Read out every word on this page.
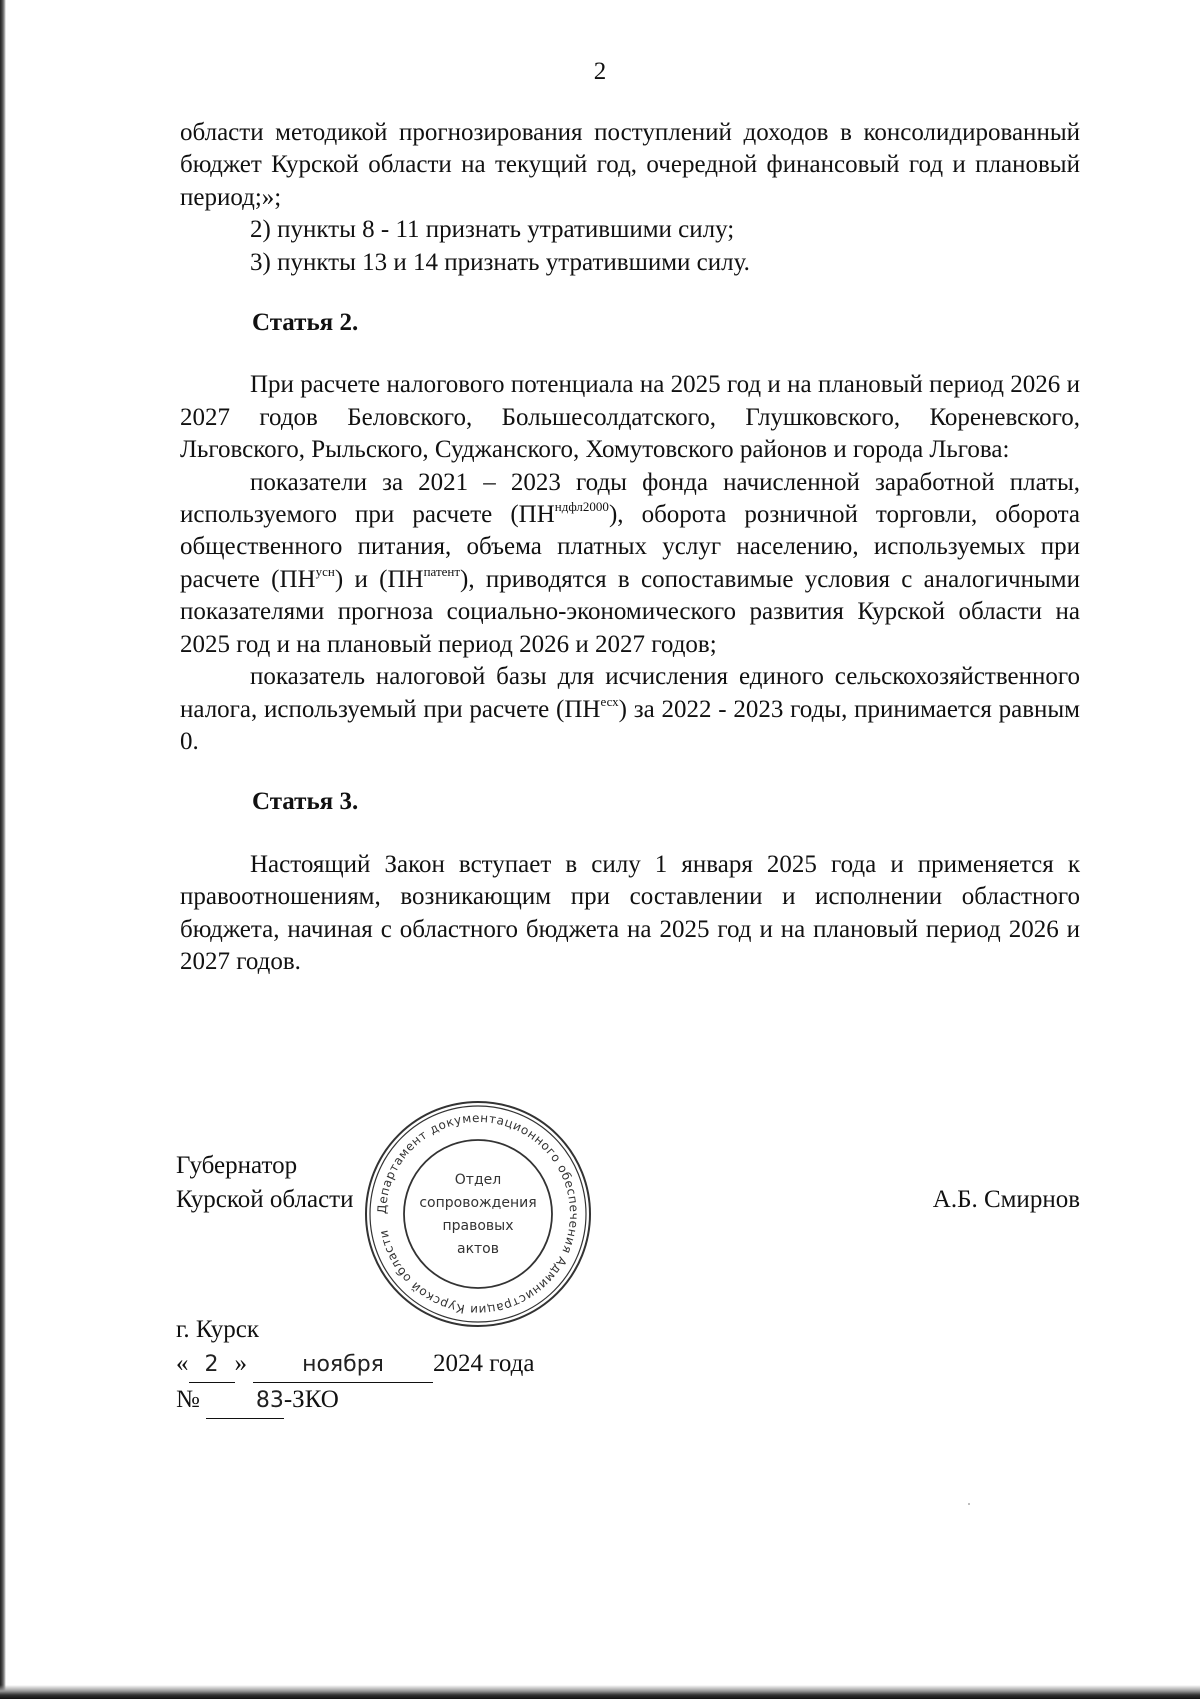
2

области методикой прогнозирования поступлений доходов в консолидированный бюджет Курской области на текущий год, очередной финансовый год и плановый период;»;

2) пункты 8 - 11 признать утратившими силу;

3) пункты 13 и 14 признать утратившими силу.

Статья 2.

При расчете налогового потенциала на 2025 год и на плановый период 2026 и 2027 годов Беловского, Большесолдатского, Глушковского, Кореневского, Льговского, Рыльского, Суджанского, Хомутовского районов и города Льгова:

показатели за 2021 – 2023 годы фонда начисленной заработной платы, используемого при расчете $(ПН^{ндфл2000})$, оборота розничной торговли, оборота общественного питания, объема платных услуг населению, используемых при расчете $(ПН^{усн})$ и $(ПН^{патент})$, приводятся в сопоставимые условия с аналогичными показателями прогноза социально-экономического развития Курской области на 2025 год и на плановый период 2026 и 2027 годов;

показатель налоговой базы для исчисления единого сельскохозяйственного налога, используемый при расчете $(ПН^{есх})$ за 2022 - 2023 годы, принимается равным 0.

Статья 3.

Настоящий Закон вступает в силу 1 января 2025 года и применяется к правоотношениям, возникающим при составлении и исполнении областного бюджета, начиная с областного бюджета на 2025 год и на плановый период 2026 и 2027 годов.

Губернатор
Курской области	А.Б. Смирнов
Департамент документационного обеспечения Администрации Курской области
Отдел
сопровождения
правовых
актов
г. Курск
« 2 »	ноября 2024 года
№	83-ЗКО
